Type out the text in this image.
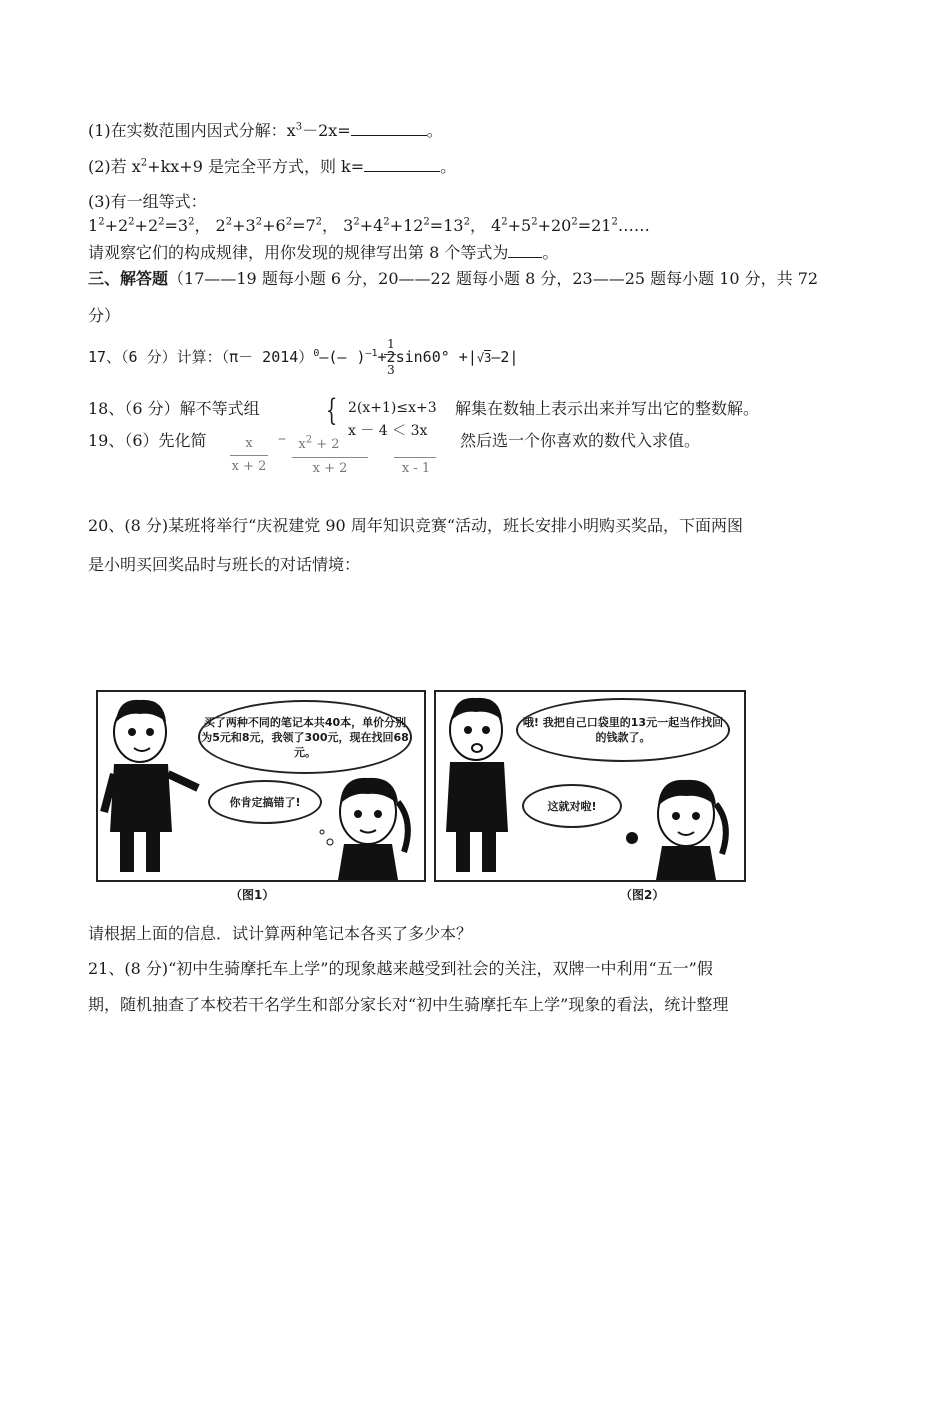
(1)在实数范围内因式分解：$x^3-2x=$	。
(2)若 $x^2+kx+9$ 是完全平方式，则 k=	。
(3)有一组等式：
$1^2+2^2+2^2=3^2$， $2^2+3^2+6^2=7^2$， $3^2+4^2+12^2=13^2$， $4^2+5^2+20^2=21^2\dots\dots$
请观察它们的构成规律，用你发现的规律写出第 8 个等式为 。
三、解答题（17——19 题每小题 6 分，20——22 题每小题 8 分，23——25 题每小题 10 分，共 72
分）
17、（6 分）计算：$(\pi- 2014)^0-(-$ )$^{-1}$+2sin60° +|√3–2|
1
3
18、（6 分）解不等式组 { 2(x+1)≤x+3
x － 4 ＜ 3x
解集在数轴上表示出来并写出它的整数解。
19、（6）先化简	x
x + 2
– $x^2 + 2$
x + 2	x - 1
然后选一个你喜欢的数代入求值。
20、(8 分)某班将举行“庆祝建党 90 周年知识竞赛“活动，班长安排小明购买奖品，下面两图
是小明买回奖品时与班长的对话情境：
买了两种不同的笔记本共40本，单价分别为5元和8元，我领了300元，现在找回68元。
你肯定搞错了!
（图1）
哦! 我把自己口袋里的13元一起当作找回的钱款了。
这就对啦!
（图2）
请根据上面的信息．试计算两种笔记本各买了多少本？
21、(8 分)“初中生骑摩托车上学”的现象越来越受到社会的关注，双牌一中利用“五一”假
期，随机抽查了本校若干名学生和部分家长对“初中生骑摩托车上学”现象的看法，统计整理
